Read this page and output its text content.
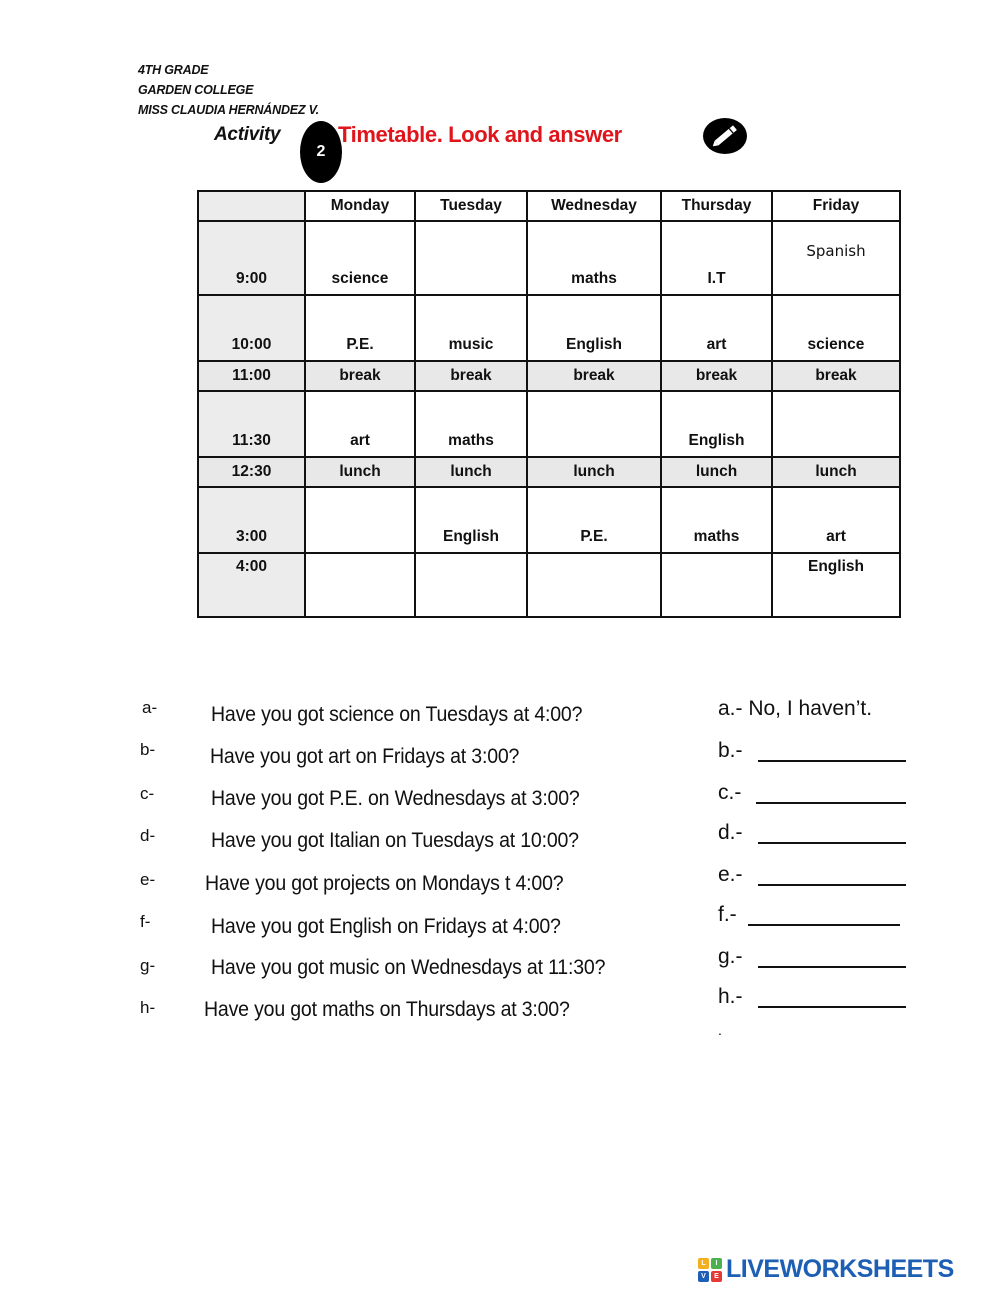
4TH GRADE
GARDEN COLLEGE
MISS CLAUDIA HERNÁNDEZ V.
Activity
2
Timetable. Look and answer
	Monday	Tuesday	Wednesday	Thursday	Friday
9:00	science		maths	I.T	Spanish
10:00	P.E.	music	English	art	science
11:00	break	break	break	break	break
11:30	art	maths		English	
12:30	lunch	lunch	lunch	lunch	lunch
3:00		English	P.E.	maths	art
4:00					English
a-	Have you got science on Tuesdays at 4:00?	a.- No, I haven’t.
b-	Have you got art on Fridays at 3:00?	b.-
c-	Have you got P.E. on Wednesdays at 3:00?	c.-
d-	Have you got Italian on Tuesdays at 10:00?	d.-
e- Have you got projects on Mondays t 4:00?	e.-
f-	Have you got English on Fridays at 4:00?
f.-
g-	Have you got music on Wednesdays at 11:30?	g.-
h- Have you got maths on Thursdays at 3:00?
h.-
.
L	I
V	E LIVEWORKSHEETS
